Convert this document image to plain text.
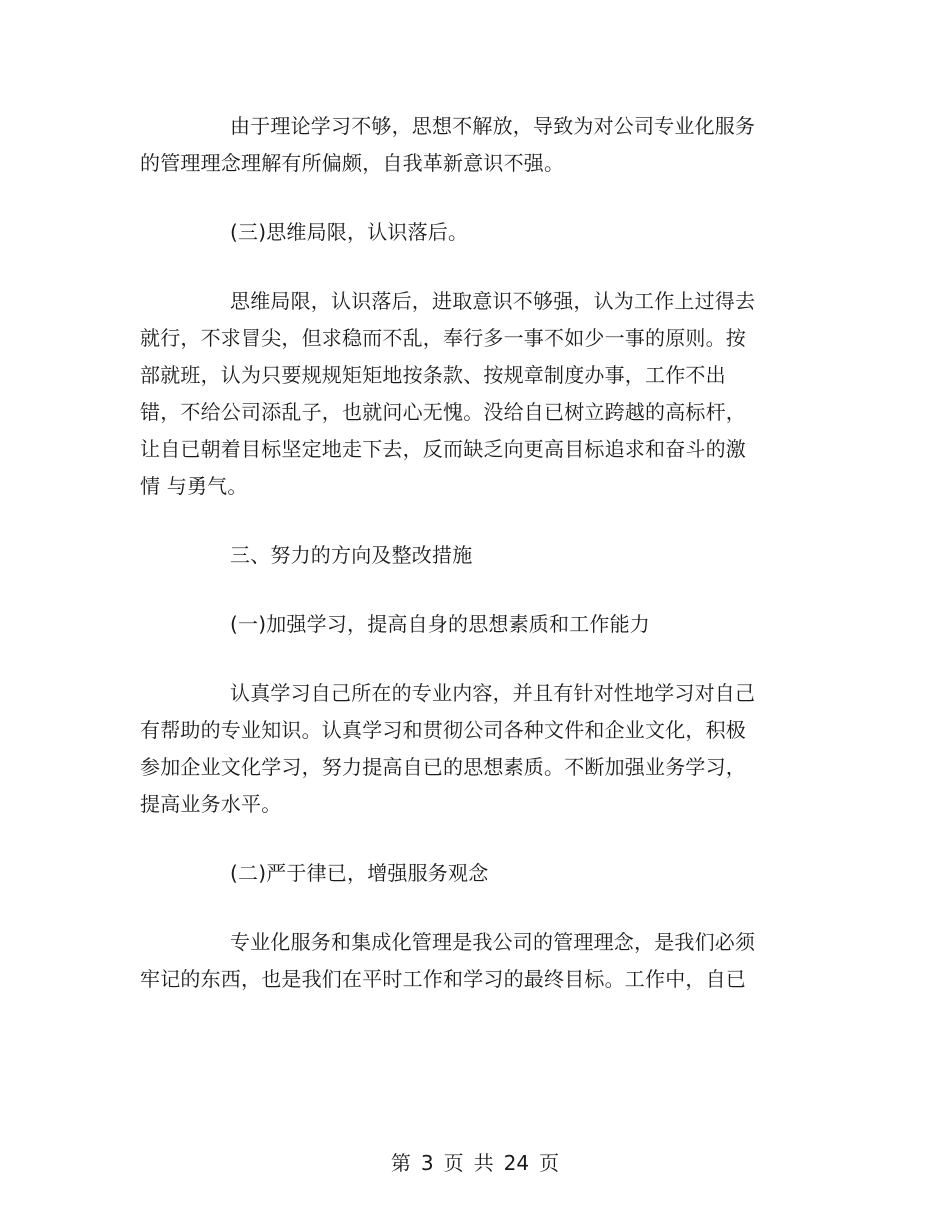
由于理论学习不够，思想不解放，导致为对公司专业化服务
的管理理念理解有所偏颇，自我革新意识不强。

(三)思维局限，认识落后。

思维局限，认识落后，进取意识不够强，认为工作上过得去
就行，不求冒尖，但求稳而不乱，奉行多一事不如少一事的原则。按
部就班，认为只要规规矩矩地按条款、按规章制度办事，工作不出
错，不给公司添乱子，也就问心无愧。没给自已树立跨越的高标杆，
让自已朝着目标坚定地走下去，反而缺乏向更高目标追求和奋斗的激
情 与勇气。

三、努力的方向及整改措施

(一)加强学习，提高自身的思想素质和工作能力

认真学习自己所在的专业内容，并且有针对性地学习对自己
有帮助的专业知识。认真学习和贯彻公司各种文件和企业文化，积极
参加企业文化学习，努力提高自已的思想素质。不断加强业务学习，
提高业务水平。

(二)严于律已，增强服务观念

专业化服务和集成化管理是我公司的管理理念，是我们必须
牢记的东西，也是我们在平时工作和学习的最终目标。工作中，自已

第 3 页 共 24 页
